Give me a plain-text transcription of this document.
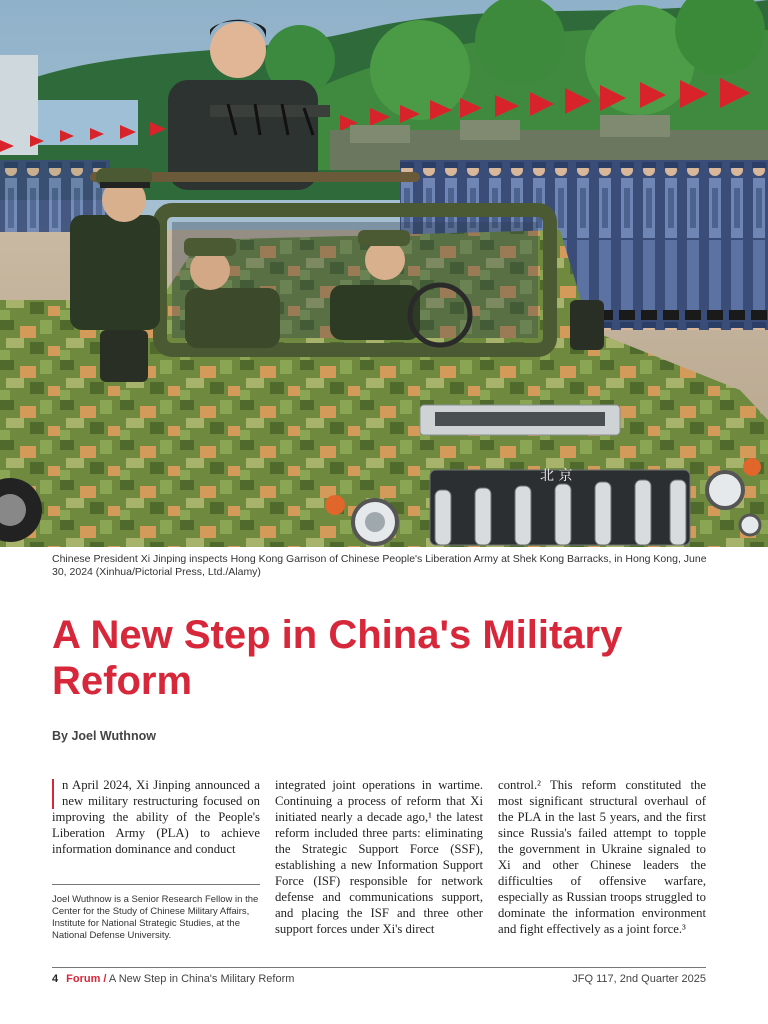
北 京
Chinese President Xi Jinping inspects Hong Kong Garrison of Chinese People's Liberation Army at Shek Kong Barracks, in Hong Kong, June 30, 2024 (Xinhua/Pictorial Press, Ltd./Alamy)
A New Step in China's Military Reform
By Joel Wuthnow

n April 2024, Xi Jinping announced a new military restructuring focused on improving the ability of the People's Liberation Army (PLA) to achieve information dominance and conduct

integrated joint operations in wartime. Continuing a process of reform that Xi initiated nearly a decade ago,¹ the latest reform included three parts: eliminating the Strategic Support Force (SSF), establishing a new Information Support Force (ISF) responsible for network defense and communications support, and placing the ISF and three other support forces under Xi's direct

control.² This reform constituted the most significant structural overhaul of the PLA in the last 5 years, and the first since Russia's failed attempt to topple the government in Ukraine signaled to Xi and other Chinese leaders the difficulties of offensive warfare, especially as Russian troops struggled to dominate the information environment and fight effectively as a joint force.³

Joel Wuthnow is a Senior Research Fellow in the Center for the Study of Chinese Military Affairs, Institute for National Strategic Studies, at the National Defense University.
4 Forum / A New Step in China's Military Reform	JFQ 117, 2nd Quarter 2025
